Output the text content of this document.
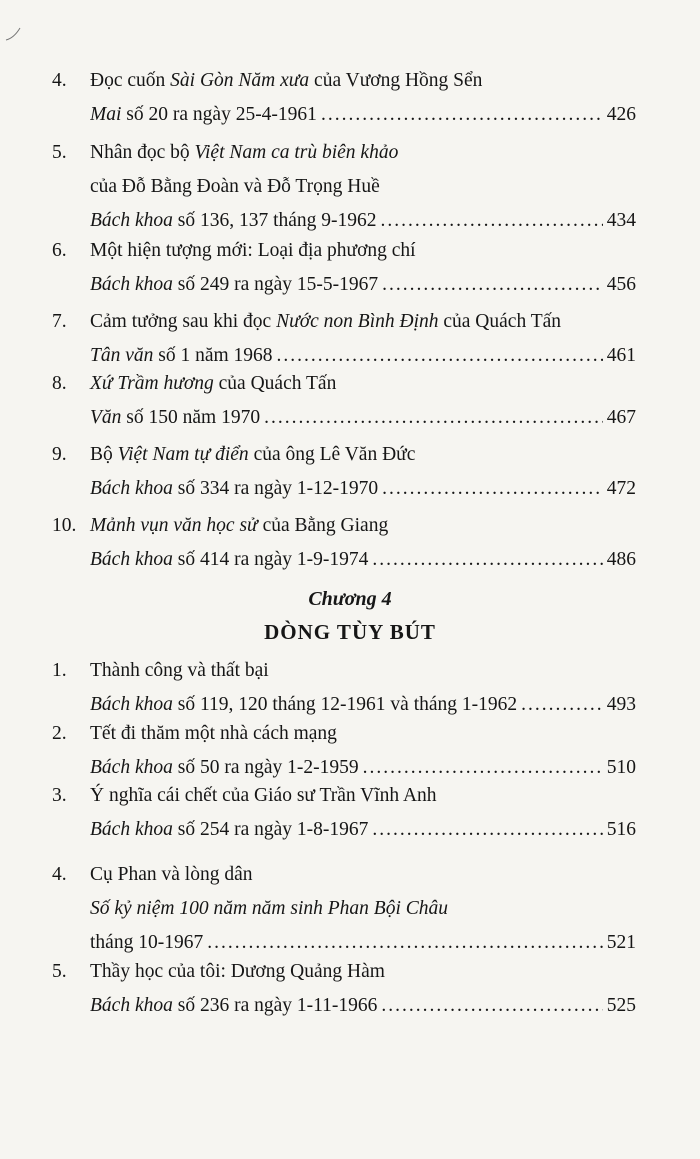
4. Đọc cuốn Sài Gòn Năm xưa của Vương Hồng Sển
Mai số 20 ra ngày 25-4-1961 .....	426
5. Nhân đọc bộ Việt Nam ca trù biên khảo
của Đỗ Bằng Đoàn và Đỗ Trọng Huề
Bách khoa số 136, 137 tháng 9-1962 .....	434
6. Một hiện tượng mới: Loại địa phương chí
Bách khoa số 249 ra ngày 15-5-1967 .....	456
7. Cảm tưởng sau khi đọc Nước non Bình Định của Quách Tấn
Tân văn số 1 năm 1968 .....	461
8. Xứ Trầm hương của Quách Tấn
Văn số 150 năm 1970 .....	467
9. Bộ Việt Nam tự điển của ông Lê Văn Đức
Bách khoa số 334 ra ngày 1-12-1970 .....	472
10. Mảnh vụn văn học sử của Bằng Giang
Bách khoa số 414 ra ngày 1-9-1974 .....	486
1. Thành công và thất bại
Bách khoa số 119, 120 tháng 12-1961 và tháng 1-1962 .....	493
2. Tết đi thăm một nhà cách mạng
Bách khoa số 50 ra ngày 1-2-1959 .....	510
3. Ý nghĩa cái chết của Giáo sư Trần Vĩnh Anh
Bách khoa số 254 ra ngày 1-8-1967 .....	516
4. Cụ Phan và lòng dân
Số kỷ niệm 100 năm năm sinh Phan Bội Châu
tháng 10-1967 .....	521
5. Thầy học của tôi: Dương Quảng Hàm
Bách khoa số 236 ra ngày 1-11-1966 .....	525
Chương 4
DÒNG TÙY BÚT
